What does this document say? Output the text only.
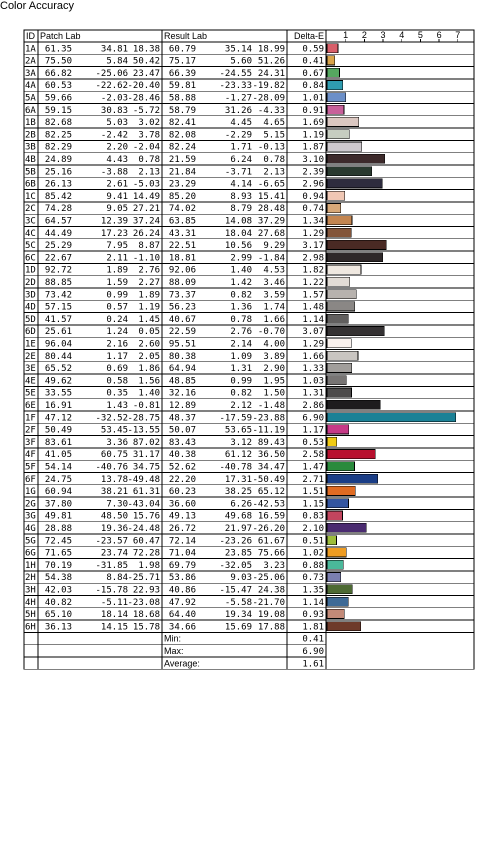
Color Accuracy
ID Patch Lab	Result Lab	Delta-E 1 2 3 4 5 6 7
1A 61.35	34.81 18.38 60.79	35.14 18.99 0.59
2A 75.50	5.84 50.42 75.17	5.60 51.26 0.41
3A 66.82	-25.06 23.47 66.39	-24.55 24.31 0.67
4A 60.53	-22.62 -20.40 59.81	-23.33 -19.82 0.84
5A 59.66	-2.03 -28.46 58.88	-1.27 -28.09 1.01
6A 59.15	30.83 -5.72 58.79	31.26 -4.33 0.91
1B 82.68	5.03 3.02 82.41	4.45 4.65 1.69
2B 82.25	-2.42 3.78 82.08	-2.29 5.15 1.19
3B 82.29	2.20 -2.04 82.24	1.71 -0.13 1.87
4B 24.89	4.43 0.78 21.59	6.24 0.78 3.10
5B 25.16	-3.88 2.13 21.84	-3.71 2.13 2.39
6B 26.13	2.61 -5.03 23.29	4.14 -6.65 2.96
1C 85.42	9.41 14.49 85.20	8.93 15.41 0.94
2C 74.28	9.05 27.21 74.02	8.79 28.48 0.74
3C 64.57	12.39 37.24 63.85	14.08 37.29 1.34
4C 44.49	17.23 26.24 43.31	18.04 27.68 1.29
5C 25.29	7.95 8.87 22.51	10.56 9.29 3.17
6C 22.67	2.11 -1.10 18.81	2.99 -1.84 2.98
1D 92.72	1.89 2.76 92.06	1.40 4.53 1.82
2D 88.85	1.59 2.27 88.09	1.42 3.46 1.22
3D 73.42	0.99 1.89 73.37	0.82 3.59 1.57
4D 57.15	0.57 1.19 56.23	1.36 1.74 1.48
5D 41.57	0.24 1.45 40.67	0.78 1.66 1.14
6D 25.61	1.24 0.05 22.59	2.76 -0.70 3.07
1E 96.04	2.16 2.60 95.51	2.14 4.00 1.29
2E 80.44	1.17 2.05 80.38	1.09 3.89 1.66
3E 65.52	0.69 1.86 64.94	1.31 2.90 1.33
4E 49.62	0.58 1.56 48.85	0.99 1.95 1.03
5E 33.55	0.35 1.40 32.16	0.82 1.50 1.31
6E 16.91	1.43 -0.81 12.89	2.12 -1.48 2.86
1F 47.12	-32.52 -28.75 48.37	-17.59 -23.88 6.90
2F 50.49	53.45 -13.55 50.07	53.65 -11.19 1.17
3F 83.61	3.36 87.02 83.43	3.12 89.43 0.53
4F 41.05	60.75 31.17 40.38	61.12 36.50 2.58
5F 54.14	-40.76 34.75 52.62	-40.78 34.47 1.47
6F 24.75	13.78 -49.48 22.20	17.31 -50.49 2.71
1G 60.94	38.21 61.31 60.23	38.25 65.12 1.51
2G 37.80	7.30 -43.04 36.60	6.26 -42.53 1.15
3G 49.81	48.50 15.76 49.13	49.68 16.59 0.83
4G 28.88	19.36 -24.48 26.72	21.97 -26.20 2.10
5G 72.45	-23.57 60.47 72.14	-23.26 61.67 0.51
6G 71.65	23.74 72.28 71.04	23.85 75.66 1.02
1H 70.19	-31.85 1.98 69.79	-32.05 3.23 0.88
2H 54.38	8.84 -25.71 53.86	9.03 -25.06 0.73
3H 42.03	-15.78 22.93 40.86	-15.47 24.38 1.35
4H 40.82	-5.11 -23.08 47.92	-5.58 -21.70 1.14
5H 65.10	18.14 18.68 64.40	19.34 19.08 0.93
6H 36.13	14.15 15.78 34.66	15.69 17.88 1.81
Min:	0.41
Max:	6.90
Average:	1.61
